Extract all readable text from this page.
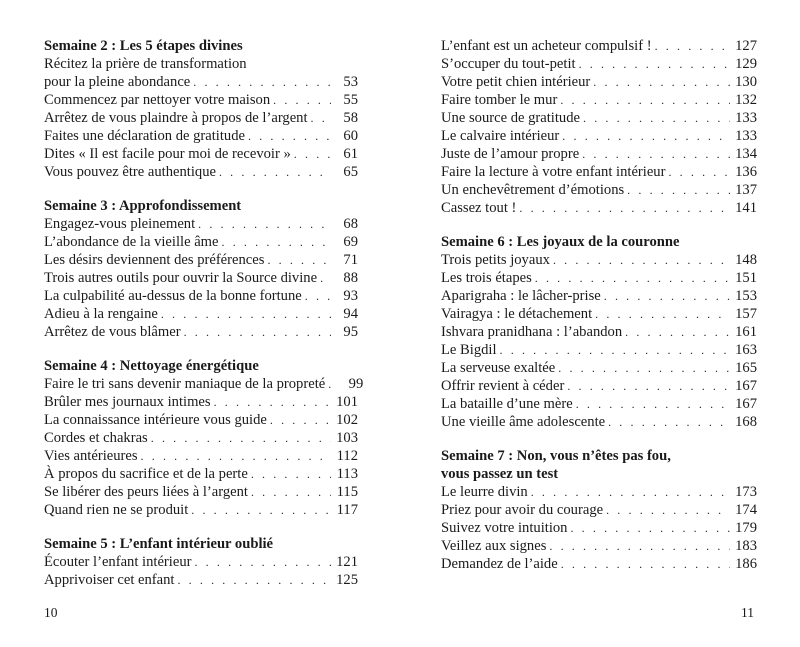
Semaine 2 : Les 5 étapes divines
Récitez la prière de transformation
pour la pleine abondance . . .	53
Commencez par nettoyer votre maison . . .	55
Arrêtez de vous plaindre à propos de l’argent . . .	58
Faites une déclaration de gratitude . . .	60
Dites « Il est facile pour moi de recevoir » . . .	61
Vous pouvez être authentique . . .	65
Semaine 3 : Approfondissement
Engagez-vous pleinement . . .	68
L’abondance de la vieille âme . . .	69
Les désirs deviennent des préférences . . .	71
Trois autres outils pour ouvrir la Source divine . . .	88
La culpabilité au-dessus de la bonne fortune . . .	93
Adieu à la rengaine . . .	94
Arrêtez de vous blâmer . . .	95
Semaine 4 : Nettoyage énergétique
Faire le tri sans devenir maniaque de la propreté . . .	99
Brûler mes journaux intimes . . .	101
La connaissance intérieure vous guide . . .	102
Cordes et chakras . . .	103
Vies antérieures . . .	112
À propos du sacrifice et de la perte . . .	113
Se libérer des peurs liées à l’argent . . .	115
Quand rien ne se produit . . .	117
Semaine 5 : L’enfant intérieur oublié
Écouter l’enfant intérieur . . .	121
Apprivoiser cet enfant . . .	125
10
L’enfant est un acheteur compulsif ! . . .	127
S’occuper du tout-petit . . .	129
Votre petit chien intérieur . . .	130
Faire tomber le mur . . .	132
Une source de gratitude . . .	133
Le calvaire intérieur . . .	133
Juste de l’amour propre . . .	134
Faire la lecture à votre enfant intérieur . . .	136
Un enchevêtrement d’émotions . . .	137
Cassez tout ! . . .	141
Semaine 6 : Les joyaux de la couronne
Trois petits joyaux . . .	148
Les trois étapes . . .	151
Aparigraha : le lâcher-prise . . .	153
Vairagya : le détachement . . .	157
Ishvara pranidhana : l’abandon . . .	161
Le Bigdil . . .	163
La serveuse exaltée . . .	165
Offrir revient à céder . . .	167
La bataille d’une mère . . .	167
Une vieille âme adolescente . . .	168
Semaine 7 : Non, vous n’êtes pas fou,
vous passez un test
Le leurre divin . . .	173
Priez pour avoir du courage . . .	174
Suivez votre intuition . . .	179
Veillez aux signes . . .	183
Demandez de l’aide . . .	186
11
